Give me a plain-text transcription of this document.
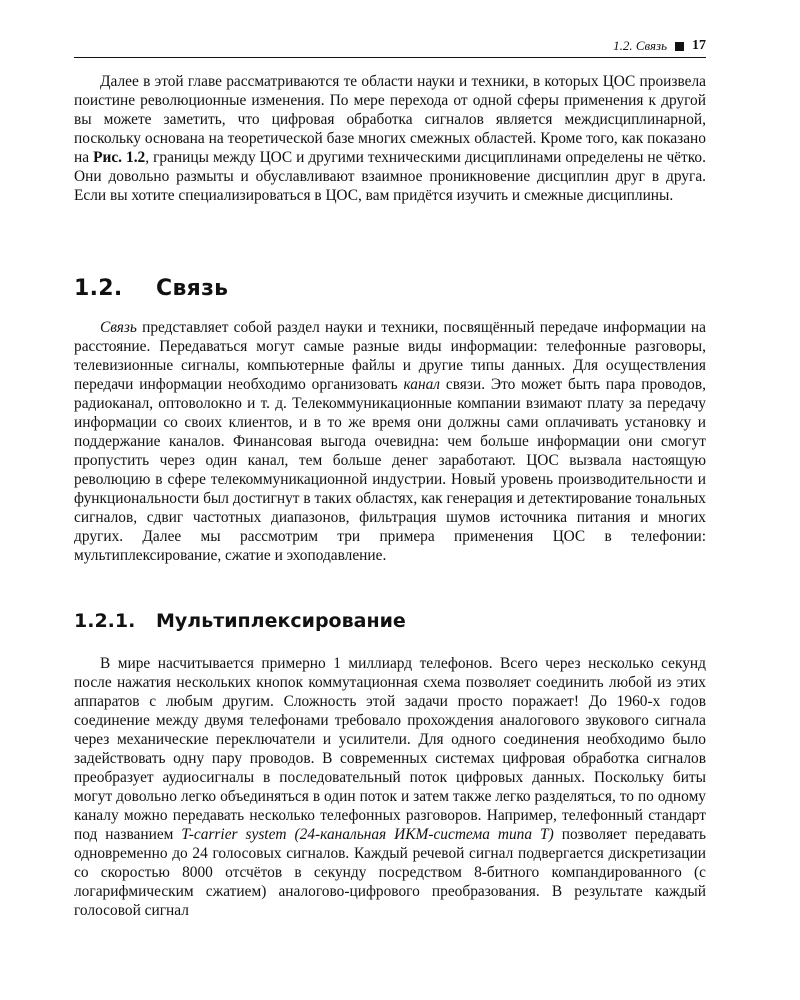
1.2. Связь 17

Далее в этой главе рассматриваются те области науки и техники, в которых ЦОС произвела поистине революционные изменения. По мере перехода от одной сферы применения к другой вы можете заметить, что цифровая обработка сигналов является междисциплинарной, поскольку основана на теоретической базе многих смежных областей. Кроме того, как показано на Рис. 1.2, границы между ЦОС и другими техническими дисциплинами определены не чётко. Они довольно размыты и обуславливают взаимное проникновение дисциплин друг в друга. Если вы хотите специализироваться в ЦОС, вам придётся изучить и смежные дисциплины.

1.2. Связь

Связь представляет собой раздел науки и техники, посвящённый передаче информации на расстояние. Передаваться могут самые разные виды информации: телефонные разговоры, телевизионные сигналы, компьютерные файлы и другие типы данных. Для осуществления передачи информации необходимо организовать канал связи. Это может быть пара проводов, радиоканал, оптоволокно и т. д. Телекоммуникационные компании взимают плату за передачу информации со своих клиентов, и в то же время они должны сами оплачивать установку и поддержание каналов. Финансовая выгода очевидна: чем больше информации они смогут пропустить через один канал, тем больше денег заработают. ЦОС вызвала настоящую революцию в сфере телекоммуникационной индустрии. Новый уровень производительности и функциональности был достигнут в таких областях, как генерация и детектирование тональных сигналов, сдвиг частотных диапазонов, фильтрация шумов источника питания и многих других. Далее мы рассмотрим три примера применения ЦОС в телефонии: мультиплексирование, сжатие и эхоподавление.

1.2.1. Мультиплексирование

В мире насчитывается примерно 1 миллиард телефонов. Всего через несколько секунд после нажатия нескольких кнопок коммутационная схема позволяет соединить любой из этих аппаратов с любым другим. Сложность этой задачи просто поражает! До 1960-х годов соединение между двумя телефонами требовало прохождения аналогового звукового сигнала через механические переключатели и усилители. Для одного соединения необходимо было задействовать одну пару проводов. В современных системах цифровая обработка сигналов преобразует аудиосигналы в последовательный поток цифровых данных. Поскольку биты могут довольно легко объединяться в один поток и затем также легко разделяться, то по одному каналу можно передавать несколько телефонных разговоров. Например, телефонный стандарт под названием T-carrier system (24-канальная ИКМ-система типа T) позволяет передавать одновременно до 24 голосовых сигналов. Каждый речевой сигнал подвергается дискретизации со скоростью 8000 отсчётов в секунду посредством 8-битного компандированного (с логарифмическим сжатием) аналогово-цифрового преобразования. В результате каждый голосовой сигнал
